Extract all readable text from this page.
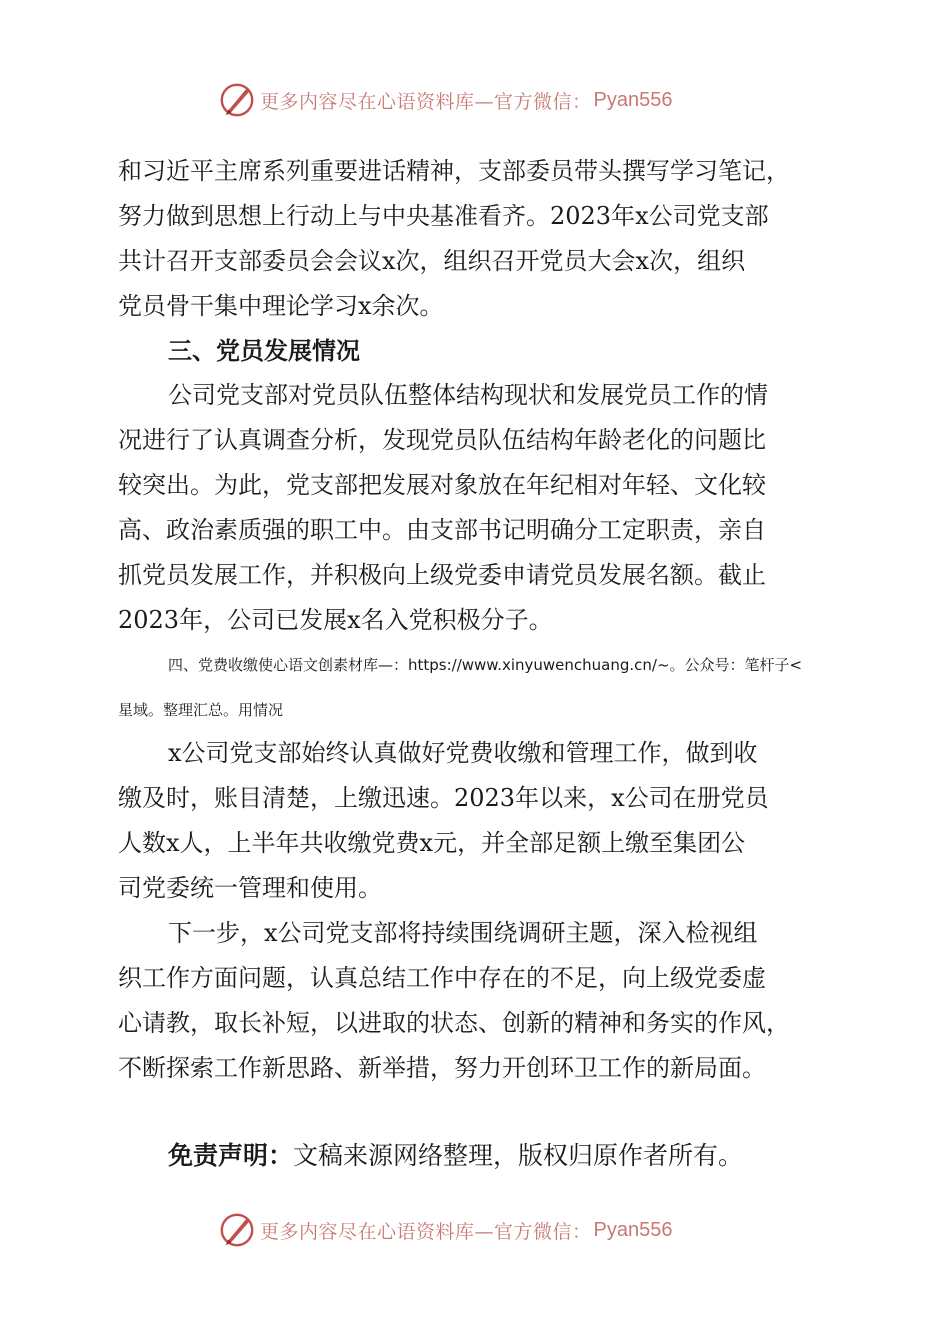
更多内容尽在心语资料库—官方微信： Pyan556
和习近平主席系列重要进话精神，支部委员带头撰写学习笔记，
努力做到思想上行动上与中央基准看齐。2023年x公司党支部
共计召开支部委员会会议x次，组织召开党员大会x次，组织
党员骨干集中理论学习x余次。
三、党员发展情况
公司党支部对党员队伍整体结构现状和发展党员工作的情
况进行了认真调查分析，发现党员队伍结构年龄老化的问题比
较突出。为此，党支部把发展对象放在年纪相对年轻、文化较
高、政治素质强的职工中。由支部书记明确分工定职责，亲自
抓党员发展工作，并积极向上级党委申请党员发展名额。截止
2023年，公司已发展x名入党积极分子。
四、党费收缴使心语文创素材库—：https://www.xinyuwenchuang.cn/~。公众号：笔杆子<
星域。整理汇总。用情况
x公司党支部始终认真做好党费收缴和管理工作，做到收
缴及时，账目清楚，上缴迅速。2023年以来，x公司在册党员
人数x人，上半年共收缴党费x元，并全部足额上缴至集团公
司党委统一管理和使用。
下一步，x公司党支部将持续围绕调研主题，深入检视组
织工作方面问题，认真总结工作中存在的不足，向上级党委虚
心请教，取长补短，以进取的状态、创新的精神和务实的作风，
不断探索工作新思路、新举措，努力开创环卫工作的新局面。
免责声明：文稿来源网络整理，版权归原作者所有。
更多内容尽在心语资料库—官方微信： Pyan556
